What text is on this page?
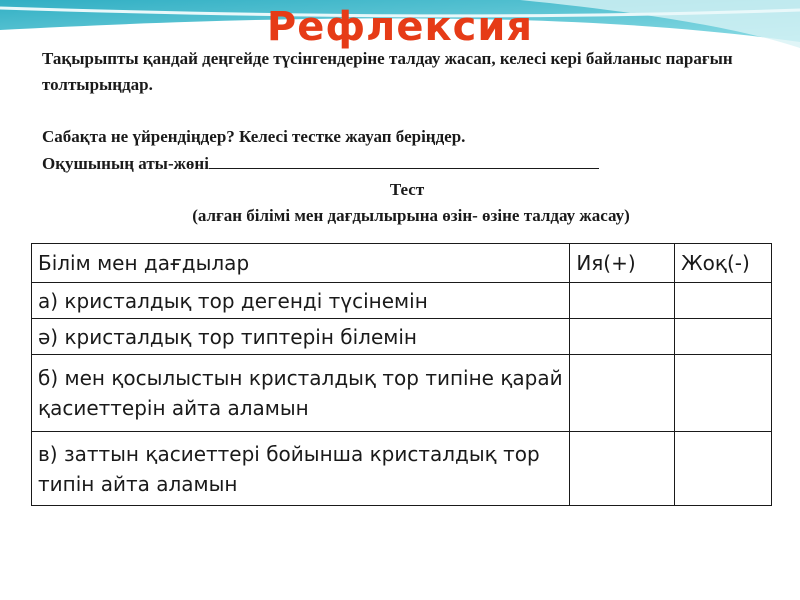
Рефлексия

Тақырыпты қандай деңгейде түсінгендеріне талдау жасап, келесі кері байланыс парағын толтырыңдар.

Сабақта не үйрендіңдер? Келесі тестке жауап беріңдер.

Оқушының аты-жөні

Тест

(алған білімі мен дағдылырына өзін- өзіне талдау жасау)

Білім мен дағдылар	Ия(+)	Жоқ(-)
а) кристалдық тор дегенді түсінемін		
ә) кристалдық тор типтерін білемін		
б) мен қосылыстын кристалдық тор типіне қарай қасиеттерін айта аламын		
в) заттын қасиеттері бойынша кристалдық тор типін айта аламын		
